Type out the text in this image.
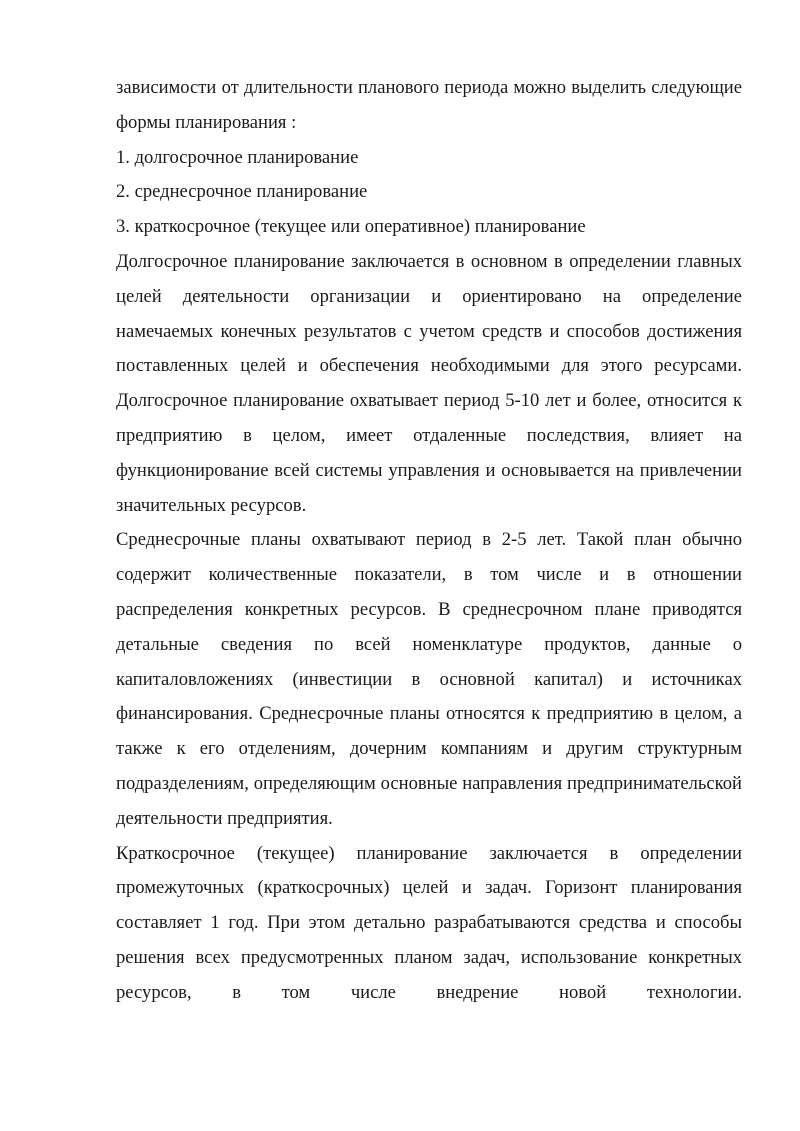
зависимости от длительности планового периода можно выделить следующие формы планирования :

1. долгосрочное планирование

2. среднесрочное планирование

3. краткосрочное (текущее или оперативное) планирование

Долгосрочное планирование заключается в основном в определении главных целей деятельности организации и ориентировано на определение намечаемых конечных результатов с учетом средств и способов достижения поставленных целей и обеспечения необходимыми для этого ресурсами. Долгосрочное планирование охватывает период 5-10 лет и более, относится к предприятию в целом, имеет отдаленные последствия, влияет на функционирование всей системы управления и основывается на привлечении значительных ресурсов.

Среднесрочные планы охватывают период в 2-5 лет. Такой план обычно содержит количественные показатели, в том числе и в отношении распределения конкретных ресурсов. В среднесрочном плане приводятся детальные сведения по всей номенклатуре продуктов, данные о капиталовложениях (инвестиции в основной капитал) и источниках финансирования. Среднесрочные планы относятся к предприятию в целом, а также к его отделениям, дочерним компаниям и другим структурным подразделениям, определяющим основные направления предпринимательской деятельности предприятия.

Краткосрочное (текущее) планирование заключается в определении промежуточных (краткосрочных) целей и задач. Горизонт планирования составляет 1 год. При этом детально разрабатываются средства и способы решения всех предусмотренных планом задач, использование конкретных ресурсов, в том числе внедрение новой технологии.
